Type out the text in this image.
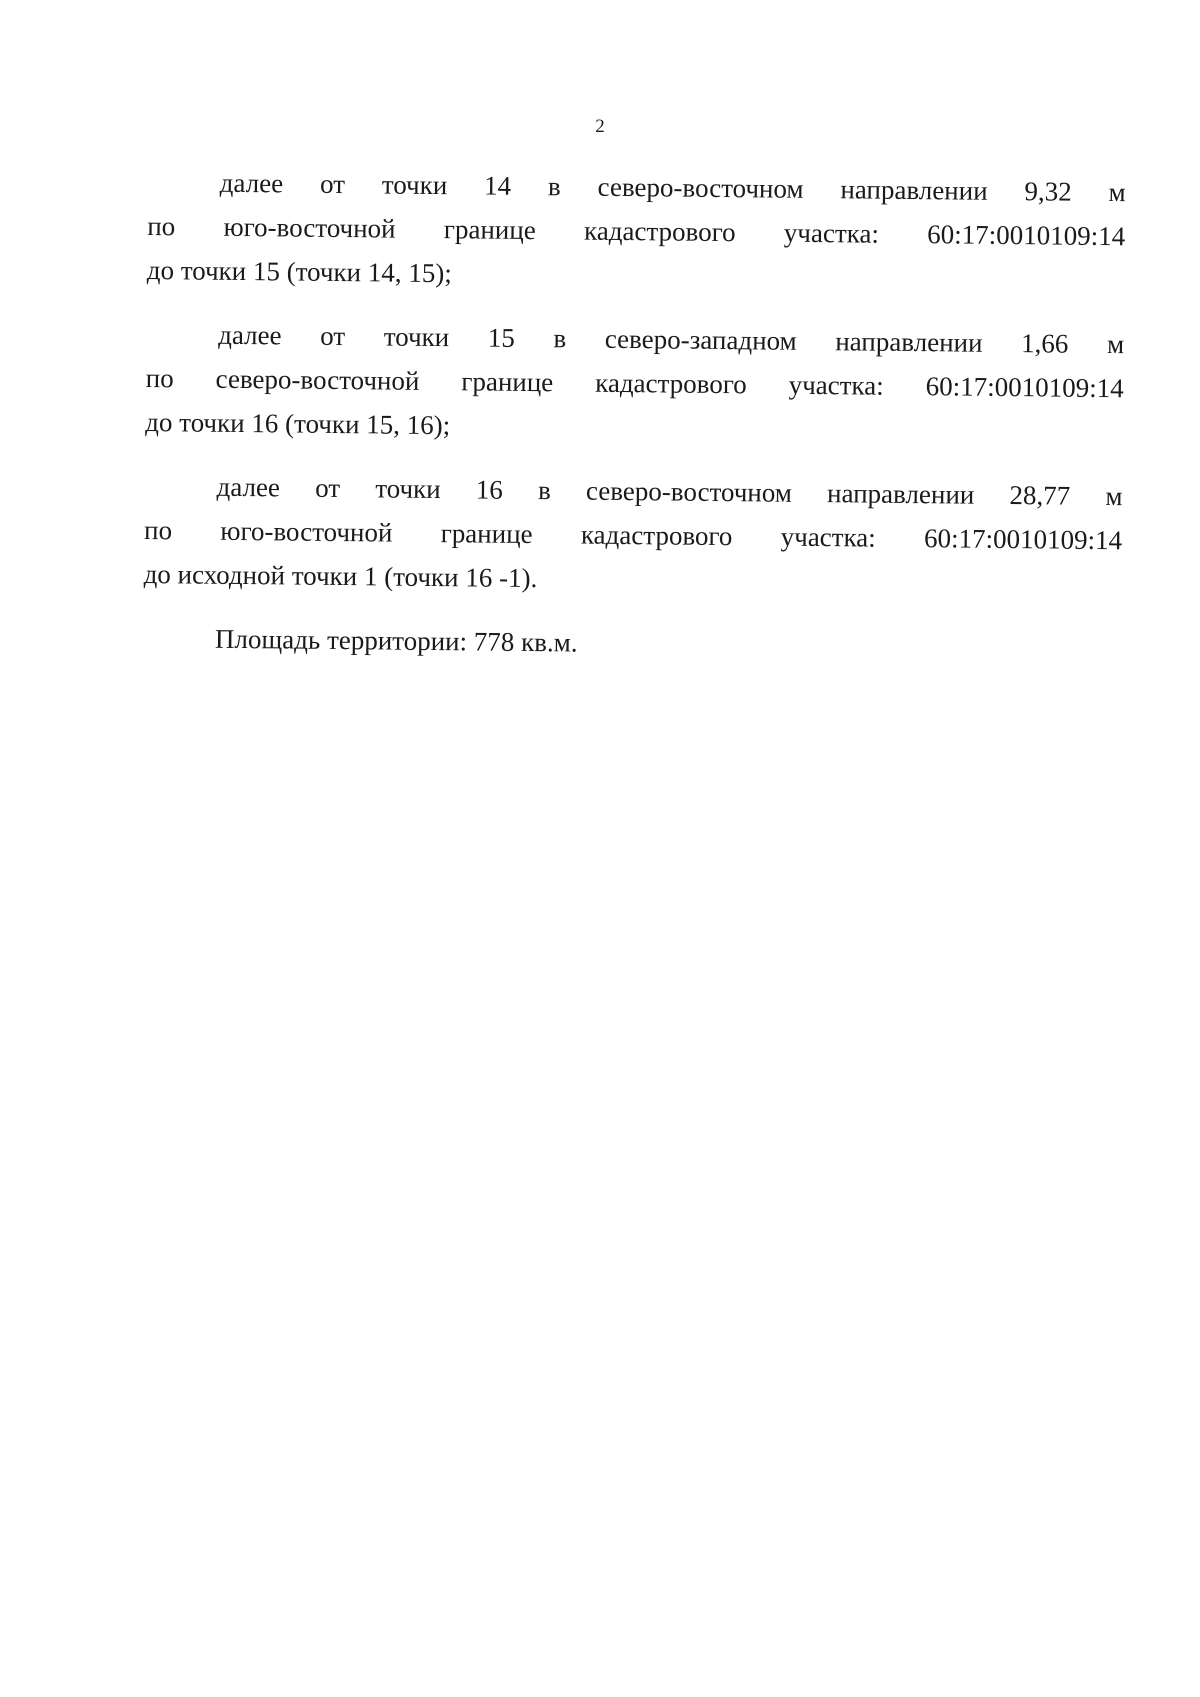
2

далее от точки 14 в северо-восточном направлении 9,32 м
по юго-восточной границе кадастрового участка: 60:17:0010109:14
до точки 15 (точки 14, 15);

далее от точки 15 в северо-западном направлении 1,66 м
по северо-восточной границе кадастрового участка: 60:17:0010109:14
до точки 16 (точки 15, 16);

далее от точки 16 в северо-восточном направлении 28,77 м
по юго-восточной границе кадастрового участка: 60:17:0010109:14
до исходной точки 1 (точки 16 -1).

Площадь территории: 778 кв.м.
